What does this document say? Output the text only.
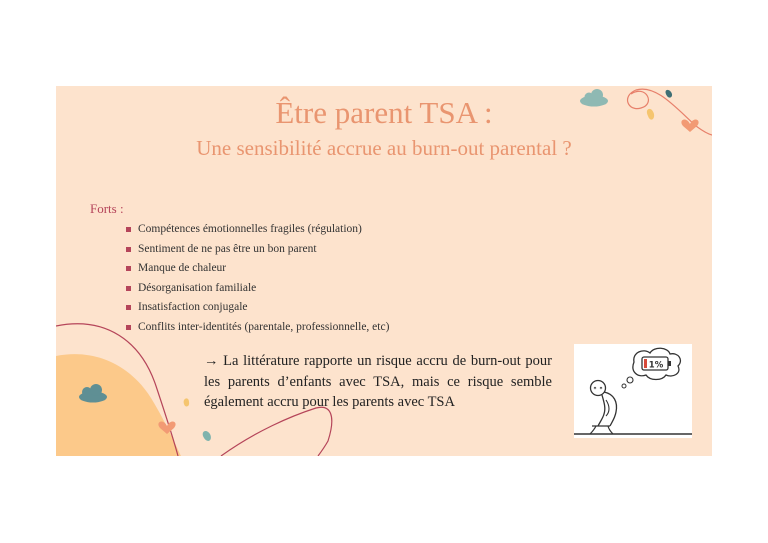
Être parent TSA :
Une sensibilité accrue au burn-out parental ?
Forts :
Compétences émotionnelles fragiles (régulation)
Sentiment de ne pas être un bon parent
Manque de chaleur
Désorganisation familiale
Insatisfaction conjugale
Conflits inter-identités (parentale, professionnelle, etc)
→ La littérature rapporte un risque accru de burn-out pour les parents d’enfants avec TSA, mais ce risque semble également accru pour les parents avec TSA
1%
